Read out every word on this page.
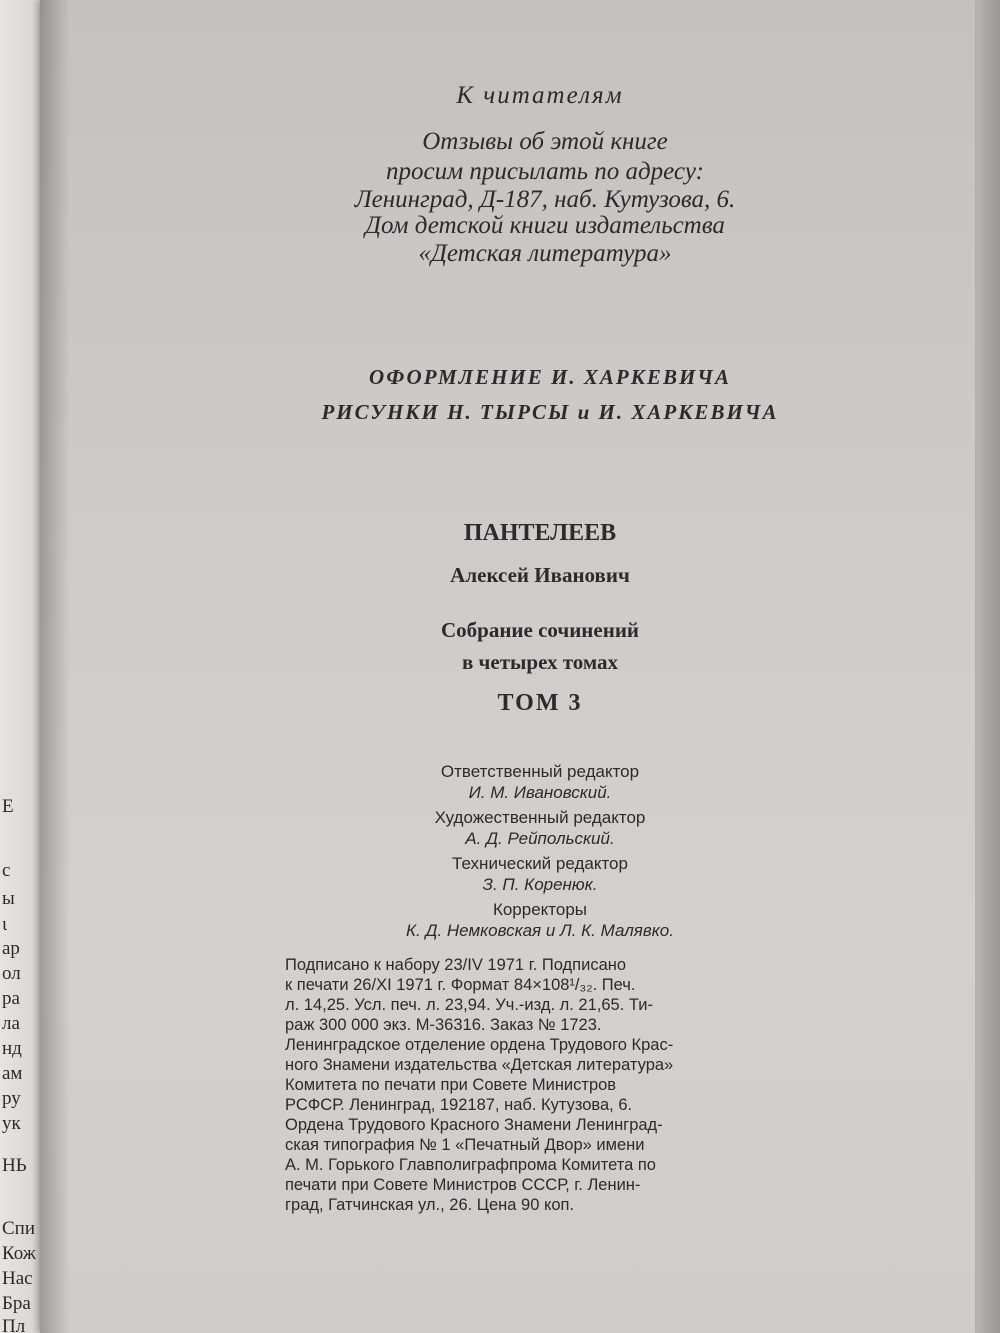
Е
с
ы
ι
ар
ол
ра
ла
нд
ам
ру
ук
НЬ
Спи
Кож
Нас
Бра
Пл
К читателям
Отзывы об этой книге
просим присылать по адресу:
Ленинград, Д-187, наб. Кутузова, 6.
Дом детской книги издательства
«Детская литература»
ОФОРМЛЕНИЕ И. ХАРКЕВИЧА
РИСУНКИ Н. ТЫРСЫ и И. ХАРКЕВИЧА
ПАНТЕЛЕЕВ
Алексей Иванович
Собрание сочинений
в четырех томах
ТОМ 3
Ответственный редактор
И. М. Ивановский.
Художественный редактор
А. Д. Рейпольский.
Технический редактор
З. П. Коренюк.
Корректоры
К. Д. Немковская и Л. К. Малявко.
Подписано к набору 23/IV 1971 г. Подписано
к печати 26/XI 1971 г. Формат 84×108¹/₃₂. Печ.
л. 14,25. Усл. печ. л. 23,94. Уч.-изд. л. 21,65. Ти-
раж 300 000 экз. М-36316. Заказ № 1723.
Ленинградское отделение ордена Трудового Крас-
ного Знамени издательства «Детская литература»
Комитета по печати при Совете Министров
РСФСР. Ленинград, 192187, наб. Кутузова, 6.
Ордена Трудового Красного Знамени Ленинград-
ская типография № 1 «Печатный Двор» имени
А. М. Горького Главполиграфпрома Комитета по
печати при Совете Министров СССР, г. Ленин-
град, Гатчинская ул., 26. Цена 90 коп.
